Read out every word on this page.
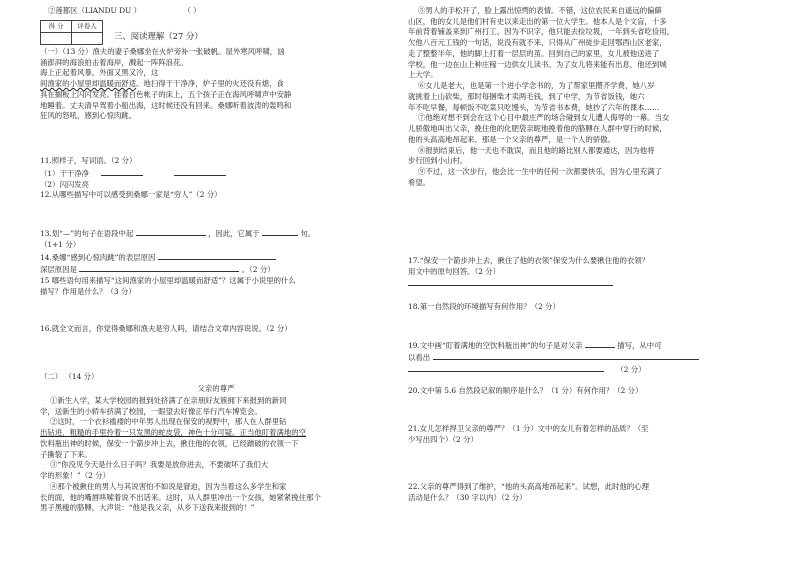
②莲都区（LIANDU DU ）	（ ）
得 分	评卷人

三、阅读理解（27 分）
（一）（13 分）渔夫的妻子桑娜坐在火炉旁补一张破帆。屋外寒风呼啸，汹
涌澎湃的海浪拍击着海岸，溅起一阵阵浪花。
海上正起着风暴，外面又黑又冷，这
间渔家的小屋里却温暖而舒适。地扫得干干净净，炉子里的火还没有熄，食
具在搁板上闪闪发亮。挂着白色帐子的床上，五个孩子正在海风呼啸声中安静
地睡着。丈夫清早驾着小船出海，这时候还没有回来。桑娜听着波涛的轰鸣和
狂风的怒吼，感到心惊肉跳。
11.照样子，写词语。（2 分）
（1）干干净净
（2）闪闪发亮
12.从哪些描写中可以感受到桑娜一家是“穷人”（2 分）
13.划“—”的句子在语段中起	，因此，它属于	句。
（1+1 分）
14.桑娜“感到心惊肉跳”的表层原因
深层原因是	。（2 分）
15 哪些语句用来描写“这间渔家的小屋里却温暖而舒适”？这属于小说里的什么
描写？作用是什么？（3 分）
16.就全文而言，你觉得桑娜和渔夫是穷人吗，请结合文章内容说说。（2 分）
（二） （14 分）
父亲的尊严
①新生入学，某大学校园的报到处挤满了在亲朋好友簇拥下来报到的新同
学，送新生的小轿车挤满了校园，一眼望去好像正举行汽车博览会。
②这时，一个衣衫褴褛的中年男人出现在保安的视野中，那人在人群里钻
出钻进，粗糙的手里拎着一只发黑的蛇皮袋，神色十分可疑。正当他盯着满地的空
饮料瓶出神的时候，保安一个箭步冲上去，揪住他的衣领，已经蹭破的衣领一下
子撕裂了下来。
③“你没见今天是什么日子吗？我要是放你进去，不要破坏了我们大
学的形象！”（2 分）
④那个被揪住的男人与其说害怕不如说是窘迫，因为当着这么多学生和家
长的面，他的嘴唇哆嗦着说不出话来。这时，从人群里冲出一个女孩，她紧紧挽住那个
男子黑瘦的胳膊，大声说：“他是我父亲，从乡下送我来报到的！”
⑤男人的手松开了，脸上露出惊愕的表情。不错，这位农民来自遥远的偏僻
山区，他的女儿是他们村有史以来走出的第一位大学生。他本人是个文盲，十多
年前背着铺盖来到广州打工。因为不识字，他只能去捡垃圾，一年到头省吃俭用，
欠他八百元工钱的一句话，说没有就不来，只得从广州徒步走回鄂西山区老家，
走了整整半年，他的脚上打着一层层的茧。回到自己的家里，女儿被他送进了
学校，他一边在山上种庄稼一边供女儿读书。为了女儿将来能有出息，他还到城
上大学。
⑥女儿是老大，也是第一个进小学念书的，为了帮家里攒齐学费，她八岁
就挑着上山砍柴，那时每捆柴才卖两毛钱，到了中学，为节省饭钱，她六
年不吃早餐，每顿饭不吃菜只吃馒头，为节省书本费，她抄了六年的课本……
⑦他绝对想不到会在这个心目中最庄严的场合碰到女儿遭人侮辱的一幕。当女
儿骄傲地叫出父亲，挽住他的化肥袋亲昵地挽着他的胳膊在人群中穿行的时候，
他的头高高地昂起来。那是一个父亲的尊严，是一个人的骄傲。
⑧报到结束后，他一天也不耽误，而且他的路比别人都要通达，因为他将
步行回到小山村。
⑨不过，这一次步行，他会比一生中的任何一次都要快乐，因为心里充满了
希望。
17.“保安一个箭步冲上去，揪住了他的衣领”保安为什么要揪住他的衣领？
用文中的原句回答。（2 分）
18.第一自然段的环境描写有何作用？（2 分）
19.文中画“盯着满地的空饮料瓶出神”的句子是对父亲	描写，从中可
以看出
（2 分）
20.文中第 5.6 自然段记叙的顺序是什么？（1 分）有何作用？（2 分）
21.女儿怎样捍卫父亲的尊严？（1 分）文中的女儿有着怎样的品质？（至
少写出四个）（2 分）
22.父亲的尊严得到了维护，“他的头高高地昂起来”。试想，此时他的心理
活动是什么？（30 字以内）（2 分）
